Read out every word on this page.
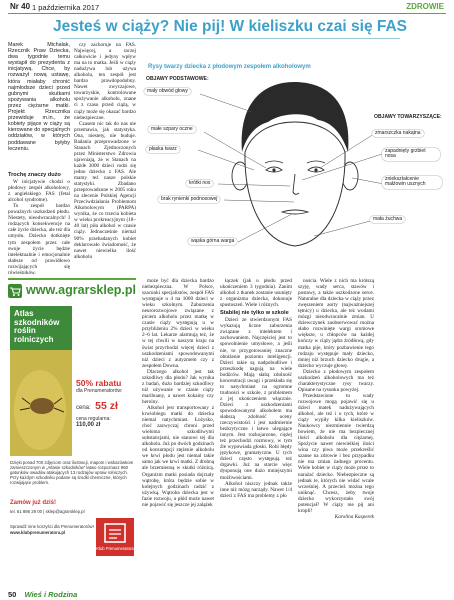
Nr 40 1 października 2017	ZDROWIE
Jesteś w ciąży? Nie pij! W kieliszku czai się FAS
Marek Michalak, Rzecznik Praw Dziecka, dwa tygodnie temu wystąpił do prezydenta z inicjatywą. Chce, by rozważył nową ustawę, która miałaby chronić najmłodsze dzieci przed gubnymi skutkami spożywania alkoholu przez ciężarne matki. Projekt Rzecznika przewiduje m.in., że kobiety pijące w ciąży są kierowane do specjalnych oddziałów, w których poddawane byłyby leczeniu.
Trochę znaczy dużo

W inicjatywie chodzi o płodowy zespół alkoholowy, z angielskiego FAS (fetal alcohol syndrome).

To zespół bardzo poważnych uszkodzeń płodu. Niestety, nieodwracalnych! I rodzących konsekwencje na całe życie dziecka, ale też dla umysłu. Dziecko dotknięte tym zespołem przez całe swoje życie będzie intelektualnie i emocjonalnie słabsze od prawidłowo rozwijających się rówieśników.

czy zachoruje na FAS. Najwięcej, a raczej całkowicie i jedyny wpływ ma na to matka. Jeśli w ciąży nadużywa lub używa alkoholu, ten zespół jest bardzo prawdopodobny. Nawet zwyczajowe, towarzyskie, kontrolowane spożywanie alkoholu, znane ci z czasu przed ciążą, w ciąży może się okazać bardzo niebezpieczne.

Czasem nic tak do nas nie przemawia, jak statystyka. Ona, niestety, nie buduje. Badania przeprowadzone w Stanach Zjednoczonych przez Ministerstwo Zdrowia ujawniają, że w Stanach na każde 3000 dzieci rodzi się jedno dziecko z FAS. Ale mamy też nasze polskie statystyki. Zbadano przeprowadzone w 2005 roku na zlecenie Polskiej Agencji Przeciwdziałania Problemom Alkoholowym (PARPA) wynika, że co trzecia kobieta w wieku prokreacyjnym (18–40 lat) piła alkohol w czasie ciąży. Jednocześnie niemal 90% przebadanych kobiet deklarowało świadomość, że nawet niewielka ilość alkoholu

Rysy twarzy dziecka z płodowym zespołem alkoholowym
OBJAWY PODSTAWOWE:
OBJAWY TOWARZYSZĄCE:
mały obwód głowy
małe szpary oczne
płaska twarz
krótki nos
brak rynienki podnosowej
wąska górna warga
zmarszczka nakątna
zapadnięty grzbiet nosa
zniekształcenie małżowin usznych
mała żuchwa
www.agrarsklep.pl
Atlas szkodników roślin rolniczych
50% rabatu
dla Prenumeratorów:
cena: 55 zł
cena regularna:
110,00 zł
Dzięki ponad 700 zdjęciom oraz ilustracji, mapom i wskazówkom zamieszczonym w „Atlasie szkodników” łatwo rozpoznasz 960 gatunków owadów atakujących 13 rodzajów upraw rolniczych. Przy każdym szkodniku podane są środki chemiczne, których rozwijające problem.
Zamów już dziś!
tel. 61 886 29 00 | sklep@agrarsklep.pl
Sprawdź inne korzyści dla Prenumeratorów!
www.klubprenumeratora.pl
Klub Prenumeratora

może być dla dziecka bardzo niebezpieczna. W Polsce, szacunki specjalistów, zespół FAS występuje u 4 na 1000 dzieci w wieku szkolnym. Zaburzenia neurorozwojowe związane z piciem alkoholu przez matkę w czasie ciąży występują u w przybliżeniu 2% dzieci w wieku 2–6 lat. Lekarze alarmują też, że w tej chwili w naszym kraju na świat przychodzi więcej dzieci z uszkodzeniami spowodowanymi niż dzieci z autyzmem czy z zespołem Downa.

Dlaczego alkohol jest tak szkodliwy dla płodu? Jak wynika z badań, dużo bardziej szkodliwy niż używanie w czasie ciąży marihuany, a nawet kokainy czy heroiny.

Alkohol jest transportowany z krwiobiegu matki do dziecka niemal natychmiast. Łożysko, choć zazwyczaj chroni przed wieloma szkodliwymi substancjami, nie stanowi tej dla alkoholu. Już po dwóch godzinach od konsumpcji stężenie alkoholu we krwi płodu jest niemal takie samo jak we krwi matki. Z drobną ale brzemienną w skutki różnicą. Organizm matki posiada dojrzały wątrobę, która będzie sobie w kolejnych godzinach radzić z używką. Wątroba dziecka jest w fazie rozwoju, a płód może nawet nie pojawić się jeszcze jej zalążek

łączek (jak u płodu przed ukończeniem 3 tygodnia). Zanim alkohol z tkanek zostanie usunięty z organizmu dziecka, dokonuje spustoszeń. Wiele i różnych.

Stabilej nie tylko w szkole

Dzieci ze stwierdzonym FAS wykazują liczne zaburzenia związane z intelektem i zachowaniem. Najczęściej jest to spowolnienie umysłowe, a jeśli nie, to przygotowaniej znaczne obniżenie poziomu inteligencji. Dzieci takie są nadpobudliwe i przeszkodę nagują na wiele bodźców. Mają słabą zdolność koncentracji uwagi i przekłada się to natychmiast na ogromne trudności w szkole, z problemem z jej ukończeniem włącznie. Dzieci z uszkodzeniami spowodowanymi alkoholem ma słabszą zdolność oceny rzeczywistości i jest nadmiernie bezkrytyczne i łatwo ulegające innym. Jest rozkojarzone, ciężej też przechodzi rozmowy, w tym źle wypowiada głoski. Robi błędy językowe, gramatyczne. U tych dzieci często występują też drgawki. Już na starcie więc dysponują one dużo mniejszymi możliwościami.

Alkohol niszczy jednak także inne niż mózg narządy. Nawet 1/4 dzieci z FAS ma problemy z pło

nościa. Wiele z nich ma krótszą szyję, wady serca, stawów i postawy, a także uszkodzone serce. Naturalne dla dziecka w ciąży przez zwęszeniem aorty (najważniejszej tętnicy) u dziecka, ale też wodami mózgi nieodwracalnie zmian. U dziewczynek zaobserwować można słabo rozwinięte wargi sromowe większe, u chłopców na każdej kończy w ciąży jądra źródłową, gdy matka pije, który pozbawienie tego rodzaju występuje mały dziecko, mniej niż brzuch dziecko drugie, a dziecko wyczuje głowę.

Dziecko z płodowym zespołem uszkodzeń alkoholowych ma też charakterystyczne rysy twarzy. Opisane na rysunku powyżej.

Przedstawione tu wady rozwojowe mogą pojawić się u dzieci matek nadużywających alkohol, ale też i u tych, które w ciąży wypiły kilka kieliszków. Naukowcy niezmiennie twierdzą bowiem, że nie ma bezpiecznej ilości alkoholu dla ciężarnej. Spożycie nawet niewielkiej ilości wina czy piwa może przekreślić szanse na zdrowie i bez przypadku nie ma zmian żadnego procentu. Wiele kobiet w ciąży może przez to narażać dziecko. Niebezpieczne są jednak te, których nie widać wcale wcześniej. A przecież można tego uniknąć. Chcesz, żeby twoje dziecko wykorzystało swój potencjał? W ciąży nie pij ani kropli!

Karolina Kasperek

50 Wieś i Rodzina
